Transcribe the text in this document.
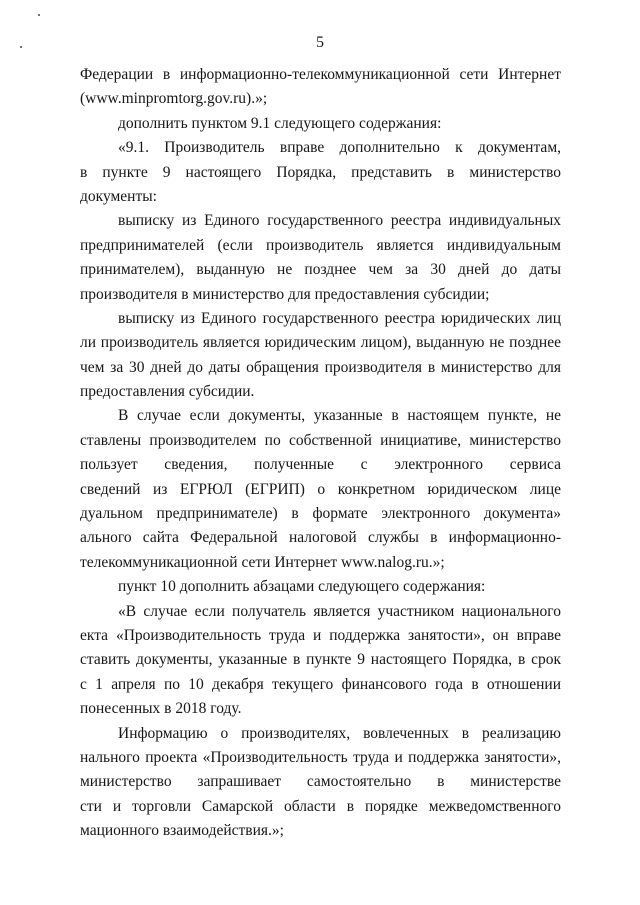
5
Федерации в информационно-телекоммуникационной сети Интернет
(www.minpromtorg.gov.ru).»;
дополнить пунктом 9.1 следующего содержания:
«9.1. Производитель вправе дополнительно к документам,
в пункте 9 настоящего Порядка, представить в министерство
документы:
выписку из Единого государственного реестра индивидуальных
предпринимателей (если производитель является индивидуальным
принимателем), выданную не позднее чем за 30 дней до даты
производителя в министерство для предоставления субсидии;
выписку из Единого государственного реестра юридических лиц
ли производитель является юридическим лицом), выданную не позднее
чем за 30 дней до даты обращения производителя в министерство для
предоставления субсидии.
В случае если документы, указанные в настоящем пункте, не
ставлены производителем по собственной инициативе, министерство
пользует сведения, полученные с электронного сервиса
сведений из ЕГРЮЛ (ЕГРИП) о конкретном юридическом лице
дуальном предпринимателе) в формате электронного документа»
ального сайта Федеральной налоговой службы в информационно-
телекоммуникационной сети Интернет www.nalog.ru.»;
пункт 10 дополнить абзацами следующего содержания:
«В случае если получатель является участником национального
екта «Производительность труда и поддержка занятости», он вправе
ставить документы, указанные в пункте 9 настоящего Порядка, в срок
с 1 апреля по 10 декабря текущего финансового года в отношении
понесенных в 2018 году.
Информацию о производителях, вовлеченных в реализацию
нального проекта «Производительность труда и поддержка занятости»,
министерство запрашивает самостоятельно в министерстве
сти и торговли Самарской области в порядке межведомственного
мационного взаимодействия.»;
